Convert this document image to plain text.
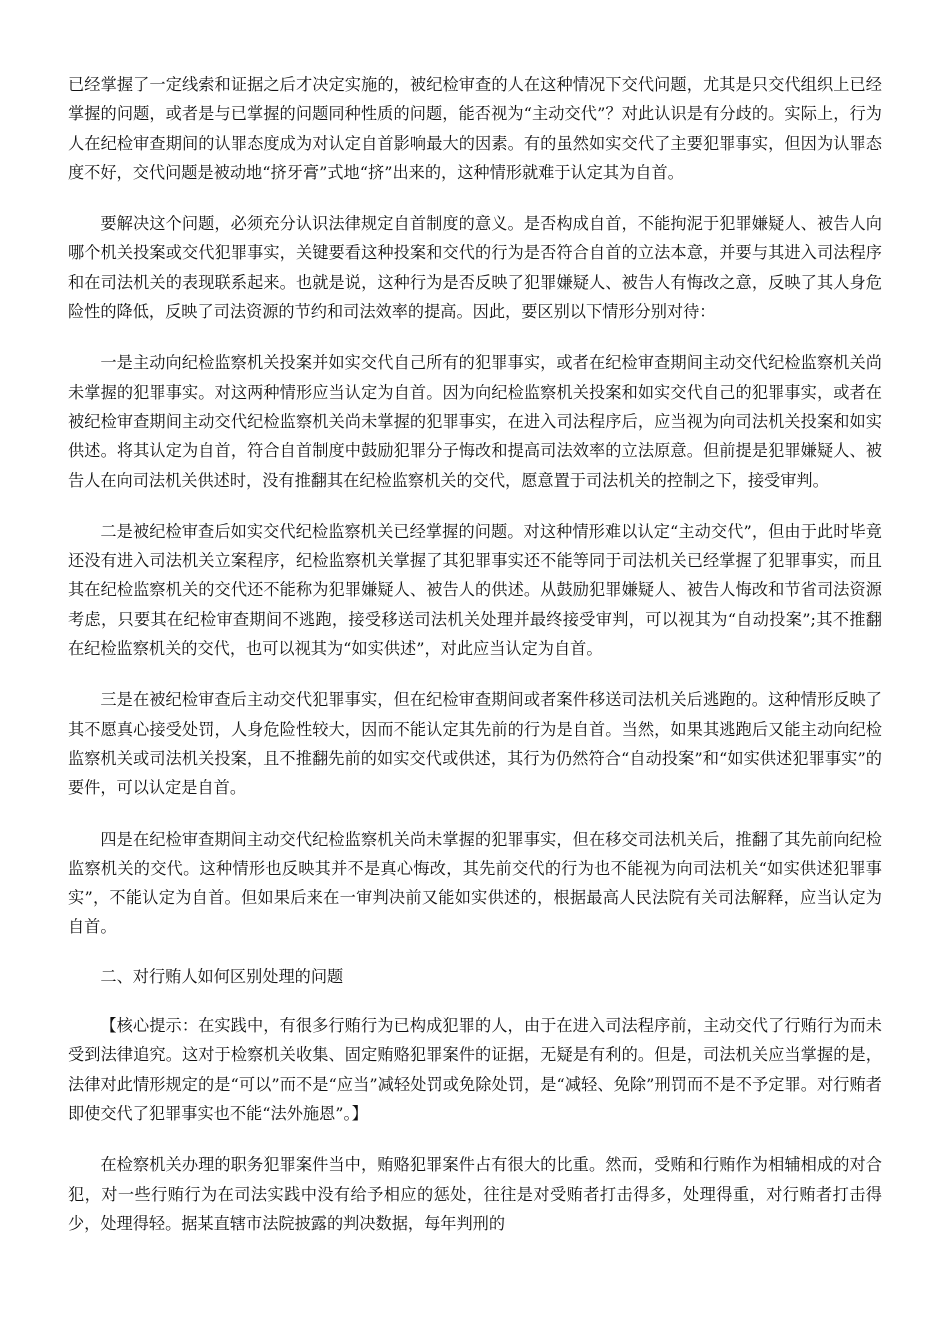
已经掌握了一定线索和证据之后才决定实施的，被纪检审查的人在这种情况下交代问题，尤其是只交代组织上已经掌握的问题，或者是与已掌握的问题同种性质的问题，能否视为“主动交代”？对此认识是有分歧的。实际上，行为人在纪检审查期间的认罪态度成为对认定自首影响最大的因素。有的虽然如实交代了主要犯罪事实，但因为认罪态度不好，交代问题是被动地“挤牙膏”式地“挤”出来的，这种情形就难于认定其为自首。

要解决这个问题，必须充分认识法律规定自首制度的意义。是否构成自首，不能拘泥于犯罪嫌疑人、被告人向哪个机关投案或交代犯罪事实，关键要看这种投案和交代的行为是否符合自首的立法本意，并要与其进入司法程序和在司法机关的表现联系起来。也就是说，这种行为是否反映了犯罪嫌疑人、被告人有悔改之意，反映了其人身危险性的降低，反映了司法资源的节约和司法效率的提高。因此，要区别以下情形分别对待：

一是主动向纪检监察机关投案并如实交代自己所有的犯罪事实，或者在纪检审查期间主动交代纪检监察机关尚未掌握的犯罪事实。对这两种情形应当认定为自首。因为向纪检监察机关投案和如实交代自己的犯罪事实，或者在被纪检审查期间主动交代纪检监察机关尚未掌握的犯罪事实，在进入司法程序后，应当视为向司法机关投案和如实供述。将其认定为自首，符合自首制度中鼓励犯罪分子悔改和提高司法效率的立法原意。但前提是犯罪嫌疑人、被告人在向司法机关供述时，没有推翻其在纪检监察机关的交代，愿意置于司法机关的控制之下，接受审判。

二是被纪检审查后如实交代纪检监察机关已经掌握的问题。对这种情形难以认定“主动交代”，但由于此时毕竟还没有进入司法机关立案程序，纪检监察机关掌握了其犯罪事实还不能等同于司法机关已经掌握了犯罪事实，而且其在纪检监察机关的交代还不能称为犯罪嫌疑人、被告人的供述。从鼓励犯罪嫌疑人、被告人悔改和节省司法资源考虑，只要其在纪检审查期间不逃跑，接受移送司法机关处理并最终接受审判，可以视其为“自动投案”;其不推翻在纪检监察机关的交代，也可以视其为“如实供述”，对此应当认定为自首。

三是在被纪检审查后主动交代犯罪事实，但在纪检审查期间或者案件移送司法机关后逃跑的。这种情形反映了其不愿真心接受处罚，人身危险性较大，因而不能认定其先前的行为是自首。当然，如果其逃跑后又能主动向纪检监察机关或司法机关投案，且不推翻先前的如实交代或供述，其行为仍然符合“自动投案”和“如实供述犯罪事实”的要件，可以认定是自首。

四是在纪检审查期间主动交代纪检监察机关尚未掌握的犯罪事实，但在移交司法机关后，推翻了其先前向纪检监察机关的交代。这种情形也反映其并不是真心悔改，其先前交代的行为也不能视为向司法机关“如实供述犯罪事实”，不能认定为自首。但如果后来在一审判决前又能如实供述的，根据最高人民法院有关司法解释，应当认定为自首。

二、对行贿人如何区别处理的问题

【核心提示：在实践中，有很多行贿行为已构成犯罪的人，由于在进入司法程序前，主动交代了行贿行为而未受到法律追究。这对于检察机关收集、固定贿赂犯罪案件的证据，无疑是有利的。但是，司法机关应当掌握的是，法律对此情形规定的是“可以”而不是“应当”减轻处罚或免除处罚，是“减轻、免除”刑罚而不是不予定罪。对行贿者即使交代了犯罪事实也不能“法外施恩”。】

在检察机关办理的职务犯罪案件当中，贿赂犯罪案件占有很大的比重。然而，受贿和行贿作为相辅相成的对合犯，对一些行贿行为在司法实践中没有给予相应的惩处，往往是对受贿者打击得多，处理得重，对行贿者打击得少，处理得轻。据某直辖市法院披露的判决数据，每年判刑的
